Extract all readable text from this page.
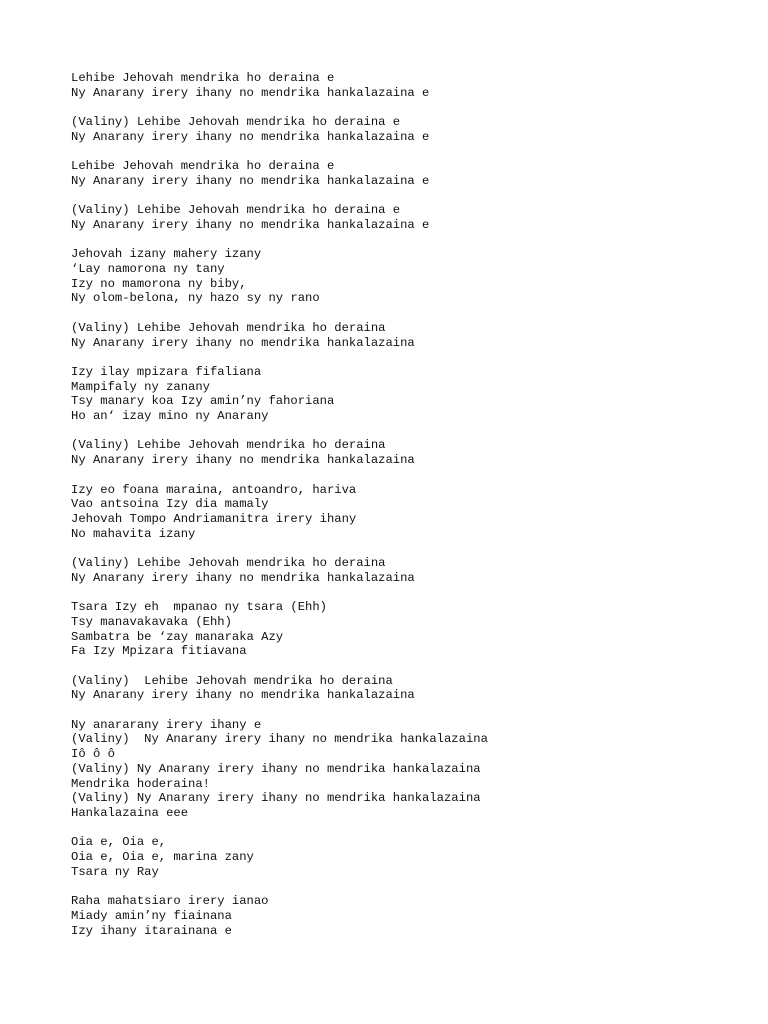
Lehibe Jehovah mendrika ho deraina e
Ny Anarany irery ihany no mendrika hankalazaina e
(Valiny) Lehibe Jehovah mendrika ho deraina e
Ny Anarany irery ihany no mendrika hankalazaina e
Lehibe Jehovah mendrika ho deraina e
Ny Anarany irery ihany no mendrika hankalazaina e
(Valiny) Lehibe Jehovah mendrika ho deraina e
Ny Anarany irery ihany no mendrika hankalazaina e
Jehovah izany mahery izany
‘Lay namorona ny tany
Izy no mamorona ny biby,
Ny olom-belona, ny hazo sy ny rano
(Valiny) Lehibe Jehovah mendrika ho deraina
Ny Anarany irery ihany no mendrika hankalazaina
Izy ilay mpizara fifaliana
Mampifaly ny zanany
Tsy manary koa Izy amin’ny fahoriana
Ho an‘ izay mino ny Anarany
(Valiny) Lehibe Jehovah mendrika ho deraina
Ny Anarany irery ihany no mendrika hankalazaina
Izy eo foana maraina, antoandro, hariva
Vao antsoina Izy dia mamaly
Jehovah Tompo Andriamanitra irery ihany
No mahavita izany
(Valiny) Lehibe Jehovah mendrika ho deraina
Ny Anarany irery ihany no mendrika hankalazaina
Tsara Izy eh  mpanao ny tsara (Ehh)
Tsy manavakavaka (Ehh)
Sambatra be ‘zay manaraka Azy
Fa Izy Mpizara fitiavana
(Valiny)  Lehibe Jehovah mendrika ho deraina
Ny Anarany irery ihany no mendrika hankalazaina
Ny anararany irery ihany e
(Valiny)  Ny Anarany irery ihany no mendrika hankalazaina
Iô ô ô
(Valiny) Ny Anarany irery ihany no mendrika hankalazaina
Mendrika hoderaina!
(Valiny) Ny Anarany irery ihany no mendrika hankalazaina
Hankalazaina eee
Oia e, Oia e,
Oia e, Oia e, marina zany
Tsara ny Ray
Raha mahatsiaro irery ianao
Miady amin’ny fiainana
Izy ihany itarainana e
